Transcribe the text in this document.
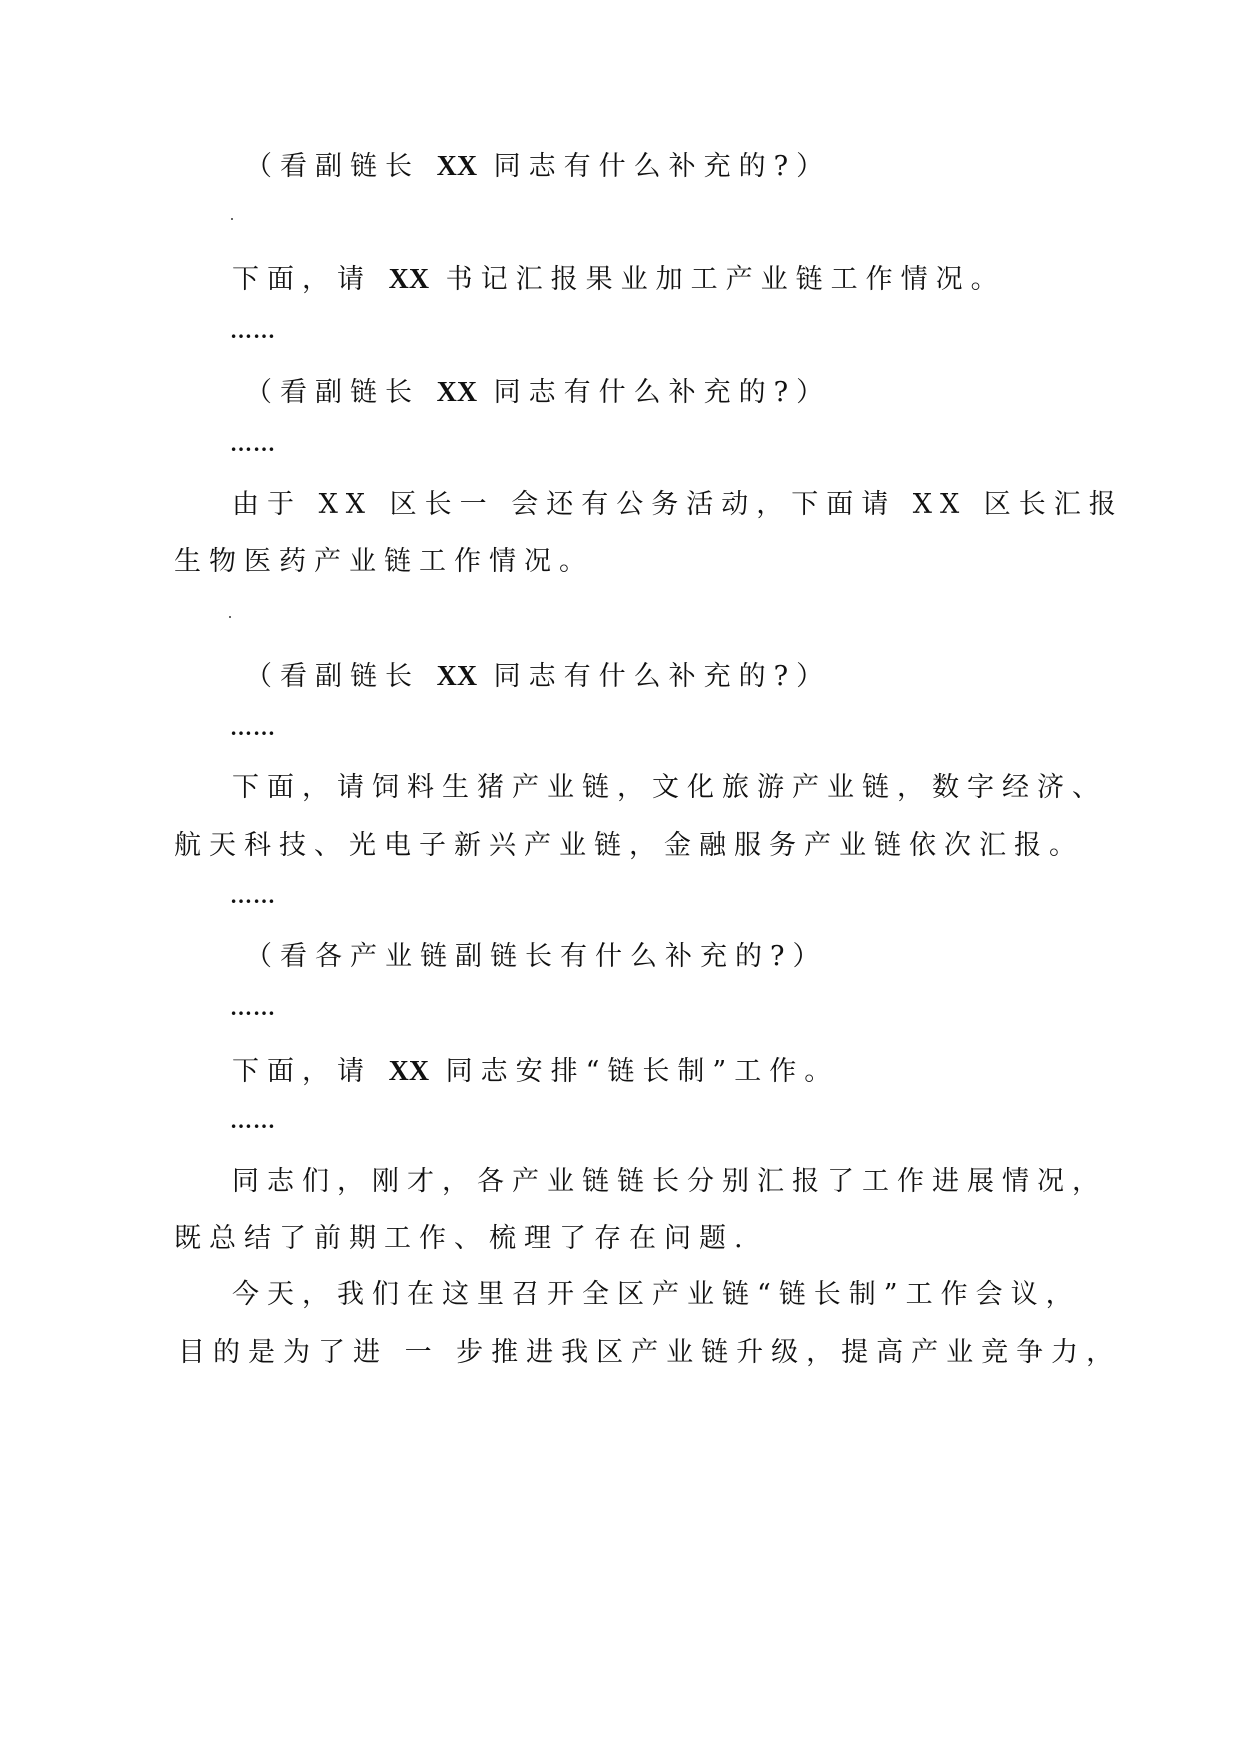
（看副链长 XX 同志有什么补充的?）
下面，请 XX 书记汇报果业加工产业链工作情况。
……
（看副链长 XX 同志有什么补充的?）
……
由于 XX 区长一 会还有公务活动，下面请 XX 区长汇报
生物医药产业链工作情况。
（看副链长 XX 同志有什么补充的?）
……
下面，请饲料生猪产业链，文化旅游产业链，数字经济、
航天科技、光电子新兴产业链，金融服务产业链依次汇报。
……
（看各产业链副链长有什么补充的?）
……
下面，请 XX 同志安排“链长制”工作。
……
同志们，刚才，各产业链链长分别汇报了工作进展情况，
既总结了前期工作、梳理了存在问题.
今天，我们在这里召开全区产业链“链长制”工作会议，
目的是为了进 一 步推进我区产业链升级，提高产业竞争力，
